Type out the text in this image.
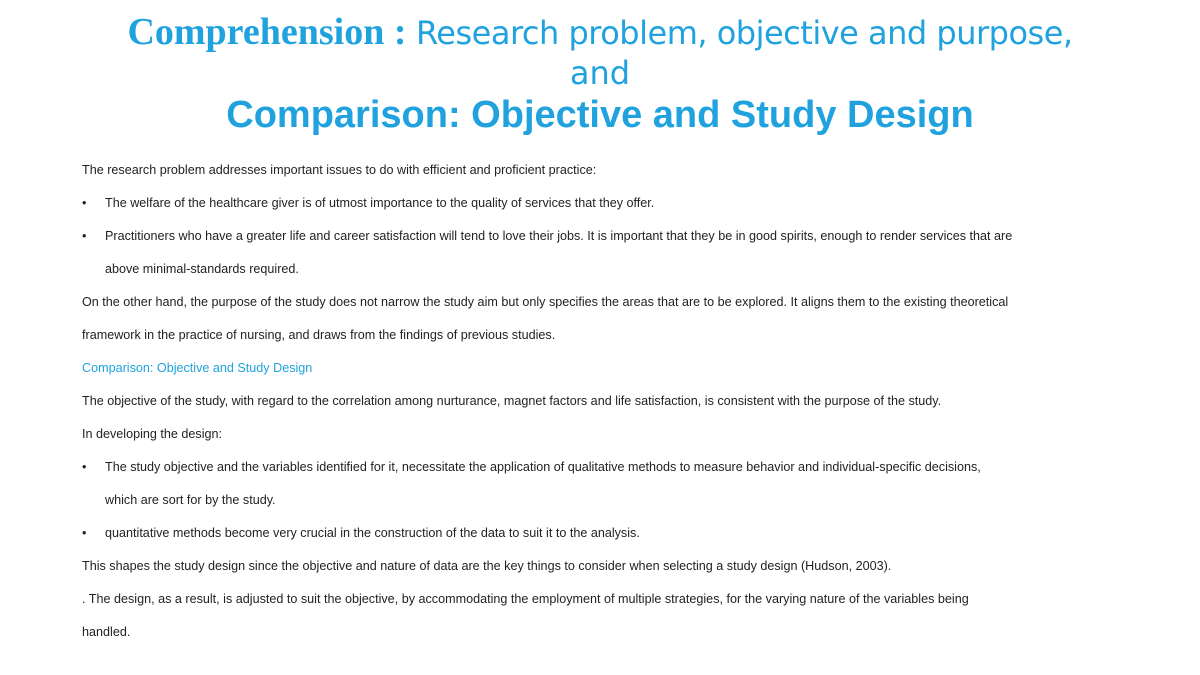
Comprehension : Research problem, objective and purpose,
and
Comparison: Objective and Study Design
The research problem addresses important issues to do with efficient and proficient practice:
•	The welfare of the healthcare giver is of utmost importance to the quality of services that they offer.
•	Practitioners who have a greater life and career satisfaction will tend to love their jobs. It is important that they be in good spirits, enough to render services that are
above minimal-standards required.
On the other hand, the purpose of the study does not narrow the study aim but only specifies the areas that are to be explored. It aligns them to the existing theoretical
framework in the practice of nursing, and draws from the findings of previous studies.
Comparison: Objective and Study Design
The objective of the study, with regard to the correlation among nurturance, magnet factors and life satisfaction, is consistent with the purpose of the study.
In developing the design:
•	The study objective and the variables identified for it, necessitate the application of qualitative methods to measure behavior and individual-specific decisions,
which are sort for by the study.
•	quantitative methods become very crucial in the construction of the data to suit it to the analysis.
This shapes the study design since the objective and nature of data are the key things to consider when selecting a study design (Hudson, 2003).
. The design, as a result, is adjusted to suit the objective, by accommodating the employment of multiple strategies, for the varying nature of the variables being
handled.
